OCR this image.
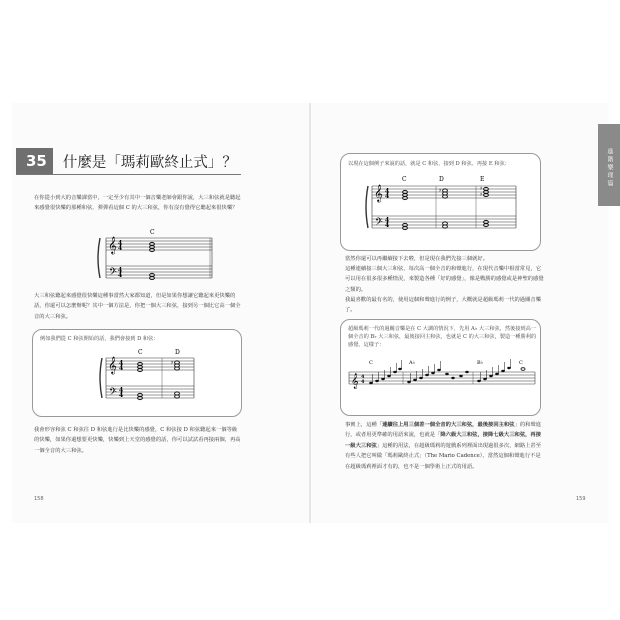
35	什麼是「瑪莉歐終止式」？	進階樂理篇

在你從小到大的音樂課當中，一定至少有其中一個音樂老師會跟你說，大三和弦就是聽起來感覺很快樂的那種和弦，彈彈看這個 C 的大三和弦，你有沒有覺得它聽起來很快樂？

𝄞
𝄢
4
4
4
4
C

大三和弦聽起來感覺很快樂這種事當然大家都知道，但是如果你想讓它聽起來更快樂的話，你還可以怎麼辦呢？其中一個方法是，你把一個大三和弦，接到另一個比它高一個全音的大三和弦。

例如我們從 C 和弦開始的話，我們會接到 D 和弦：
𝄞
𝄢
4
4
4
4
C	D
♯

我會形容和弦 C 和弦往 D 和弦進行是比快樂的感覺，C 和弦接 D 和弦聽起來一個等級的快樂，如果你還想要更快樂，快樂到上天堂的感覺的話，你可以試試看再接兩個，再高一個全音的大三和弦。

158
以現在這個例子來說的話，就是 C 和弦、接到 D 和弦、再接 E 和弦：
𝄞
𝄢
4
4
4
4
C	D	E
♯	♯
♯

當然你還可以再繼續接下去啦，但是現在我們先接三個就好。

這種連續接三個大三和弦，每次高一個全音的和聲進行，在現代音樂中相當常見，它可以用在很多很多種情況，來製造各種「好的感覺」，像是戰勝的感覺或是神聖的感覺之類的。

我最喜歡的最有名的，使用這個和聲進行的例子，大概就是超級瑪莉一代的過關音樂了。

超級瑪莉一代的過關音樂是在 C 大調的情況下，先用 A♭ 大三和弦，然後接到高一個全音的 B♭ 大三和弦，最後接回主和弦，也就是 C 的大三和弦，製造一種勝利的感覺。這樣子：
𝄞 4
4
C	A♭	B♭	C

事實上，這種「連續往上用三個差一個全音的大三和弦，最後接回主和弦」的和聲進行，或者用更準確的用語來說，也就是「降六級大三和弦，接降七級大三和弦，再接一級大三和弦」這種的用法，在超級瑪莉的遊戲系列裡面出現過很多次，網路上甚至有些人把它叫做「瑪莉歐終止式」（The Mario Cadence），當然這個和聲進行不是在超級瑪莉裡面才有的，也不是一個學術上正式的用語。

159
